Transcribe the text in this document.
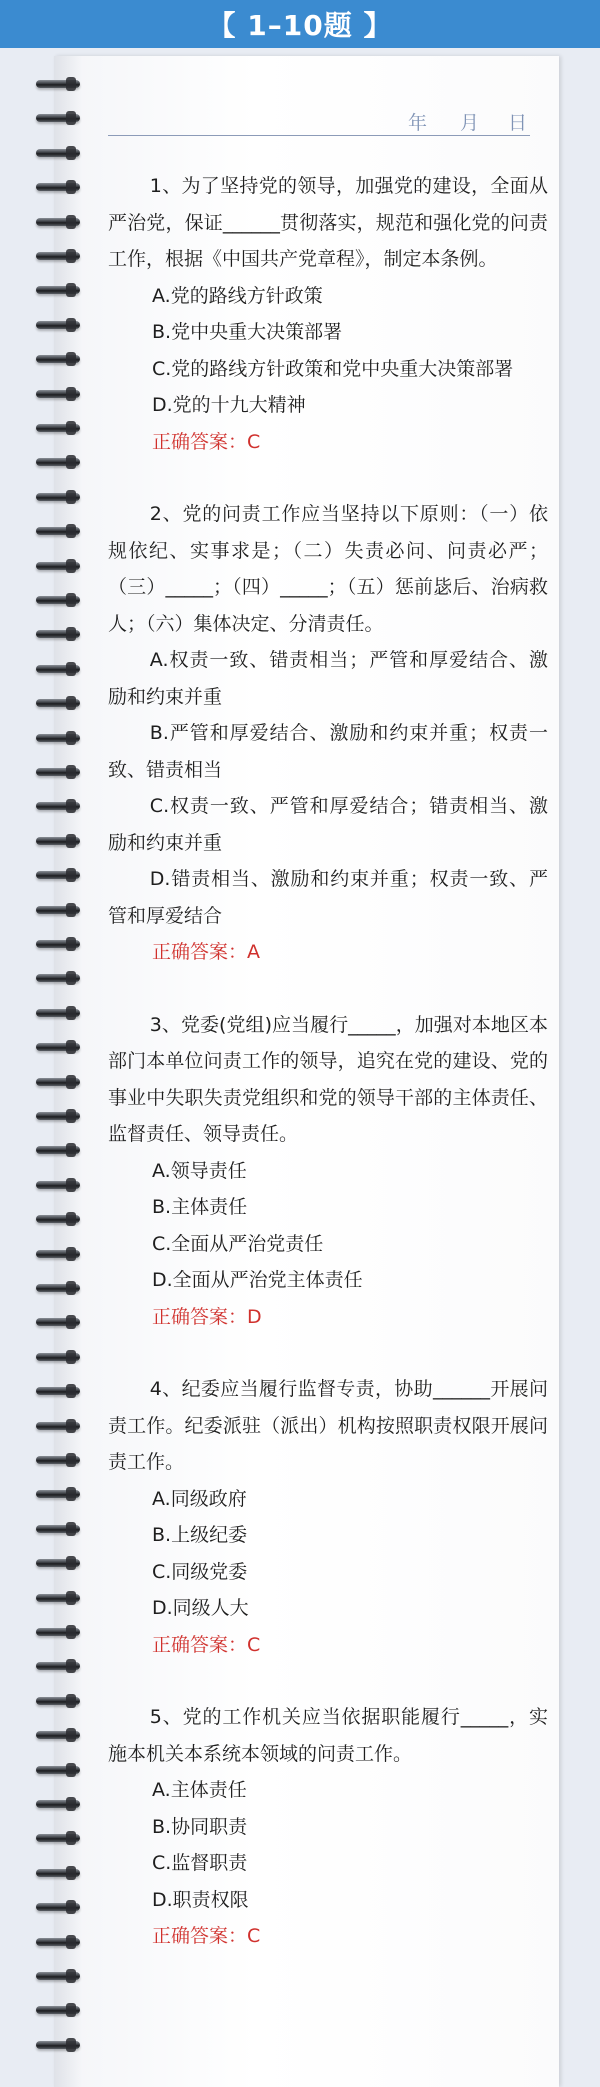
【 1–10题 】
年 月 日

1、为了坚持党的领导，加强党的建设，全面从严治党，保证______贯彻落实，规范和强化党的问责工作，根据《中国共产党章程》，制定本条例。

A.党的路线方针政策

B.党中央重大决策部署

C.党的路线方针政策和党中央重大决策部署

D.党的十九大精神

正确答案：C

2、党的问责工作应当坚持以下原则：（一）依规依纪、实事求是；（二）失责必问、问责必严；（三）_____；（四）_____；（五）惩前毖后、治病救人；（六）集体决定、分清责任。

A.权责一致、错责相当；严管和厚爱结合、激励和约束并重

B.严管和厚爱结合、激励和约束并重；权责一致、错责相当

C.权责一致、严管和厚爱结合；错责相当、激励和约束并重

D.错责相当、激励和约束并重；权责一致、严管和厚爱结合

正确答案：A

3、党委(党组)应当履行_____，加强对本地区本部门本单位问责工作的领导，追究在党的建设、党的事业中失职失责党组织和党的领导干部的主体责任、监督责任、领导责任。

A.领导责任

B.主体责任

C.全面从严治党责任

D.全面从严治党主体责任

正确答案：D

4、纪委应当履行监督专责，协助______开展问责工作。纪委派驻（派出）机构按照职责权限开展问责工作。

A.同级政府

B.上级纪委

C.同级党委

D.同级人大

正确答案：C

5、党的工作机关应当依据职能履行_____，实施本机关本系统本领域的问责工作。

A.主体责任

B.协同职责

C.监督职责

D.职责权限

正确答案：C
